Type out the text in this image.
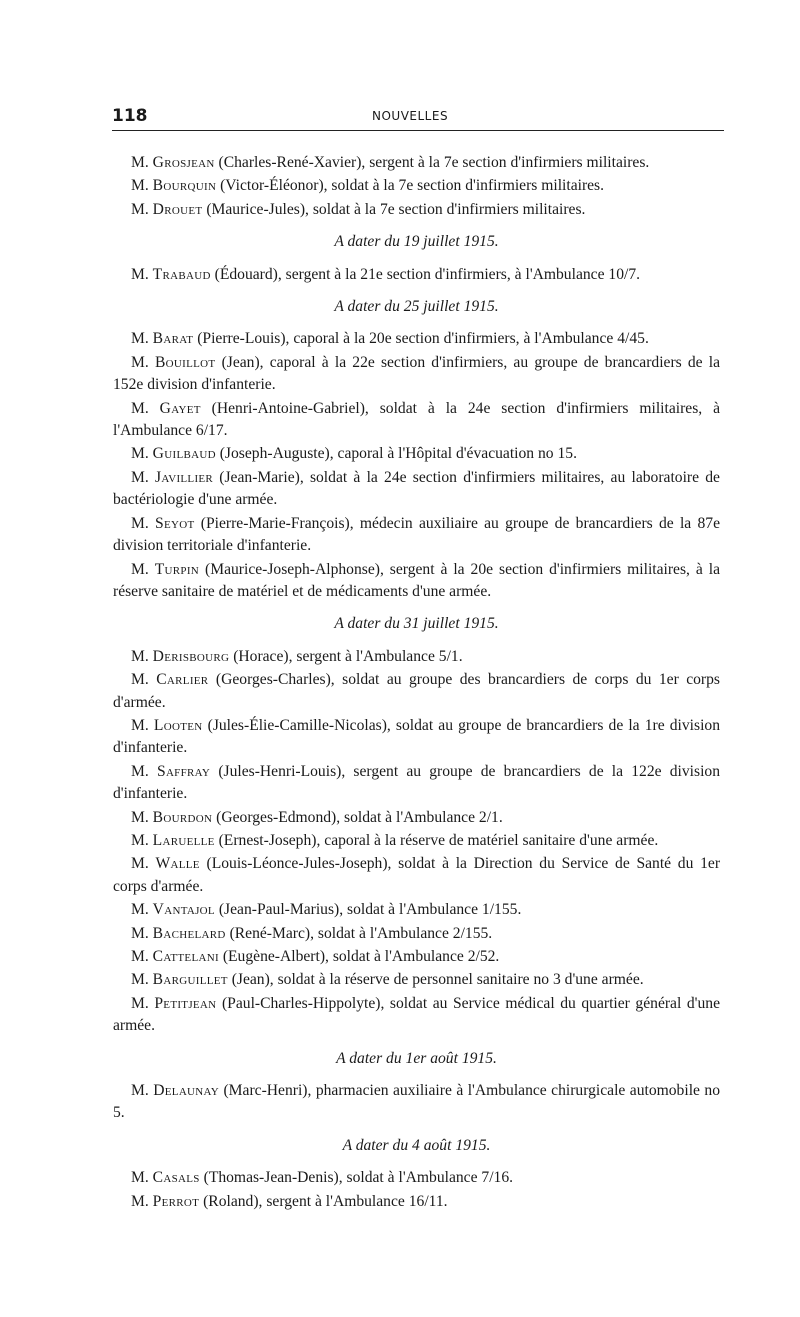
118	NOUVELLES

M. Grosjean (Charles-René-Xavier), sergent à la 7e section d'infirmiers militaires.

M. Bourquin (Victor-Éléonor), soldat à la 7e section d'infirmiers militaires.

M. Drouet (Maurice-Jules), soldat à la 7e section d'infirmiers militaires.

A dater du 19 juillet 1915.

M. Trabaud (Édouard), sergent à la 21e section d'infirmiers, à l'Ambulance 10/7.

A dater du 25 juillet 1915.

M. Barat (Pierre-Louis), caporal à la 20e section d'infirmiers, à l'Ambulance 4/45.

M. Bouillot (Jean), caporal à la 22e section d'infirmiers, au groupe de brancardiers de la 152e division d'infanterie.

M. Gayet (Henri-Antoine-Gabriel), soldat à la 24e section d'infirmiers militaires, à l'Ambulance 6/17.

M. Guilbaud (Joseph-Auguste), caporal à l'Hôpital d'évacuation no 15.

M. Javillier (Jean-Marie), soldat à la 24e section d'infirmiers militaires, au laboratoire de bactériologie d'une armée.

M. Seyot (Pierre-Marie-François), médecin auxiliaire au groupe de brancardiers de la 87e division territoriale d'infanterie.

M. Turpin (Maurice-Joseph-Alphonse), sergent à la 20e section d'infirmiers militaires, à la réserve sanitaire de matériel et de médicaments d'une armée.

A dater du 31 juillet 1915.

M. Derisbourg (Horace), sergent à l'Ambulance 5/1.

M. Carlier (Georges-Charles), soldat au groupe des brancardiers de corps du 1er corps d'armée.

M. Looten (Jules-Élie-Camille-Nicolas), soldat au groupe de brancardiers de la 1re division d'infanterie.

M. Saffray (Jules-Henri-Louis), sergent au groupe de brancardiers de la 122e division d'infanterie.

M. Bourdon (Georges-Edmond), soldat à l'Ambulance 2/1.

M. Laruelle (Ernest-Joseph), caporal à la réserve de matériel sanitaire d'une armée.

M. Walle (Louis-Léonce-Jules-Joseph), soldat à la Direction du Service de Santé du 1er corps d'armée.

M. Vantajol (Jean-Paul-Marius), soldat à l'Ambulance 1/155.

M. Bachelard (René-Marc), soldat à l'Ambulance 2/155.

M. Cattelani (Eugène-Albert), soldat à l'Ambulance 2/52.

M. Barguillet (Jean), soldat à la réserve de personnel sanitaire no 3 d'une armée.

M. Petitjean (Paul-Charles-Hippolyte), soldat au Service médical du quartier général d'une armée.

A dater du 1er août 1915.

M. Delaunay (Marc-Henri), pharmacien auxiliaire à l'Ambulance chirurgicale automobile no 5.

A dater du 4 août 1915.

M. Casals (Thomas-Jean-Denis), soldat à l'Ambulance 7/16.

M. Perrot (Roland), sergent à l'Ambulance 16/11.
